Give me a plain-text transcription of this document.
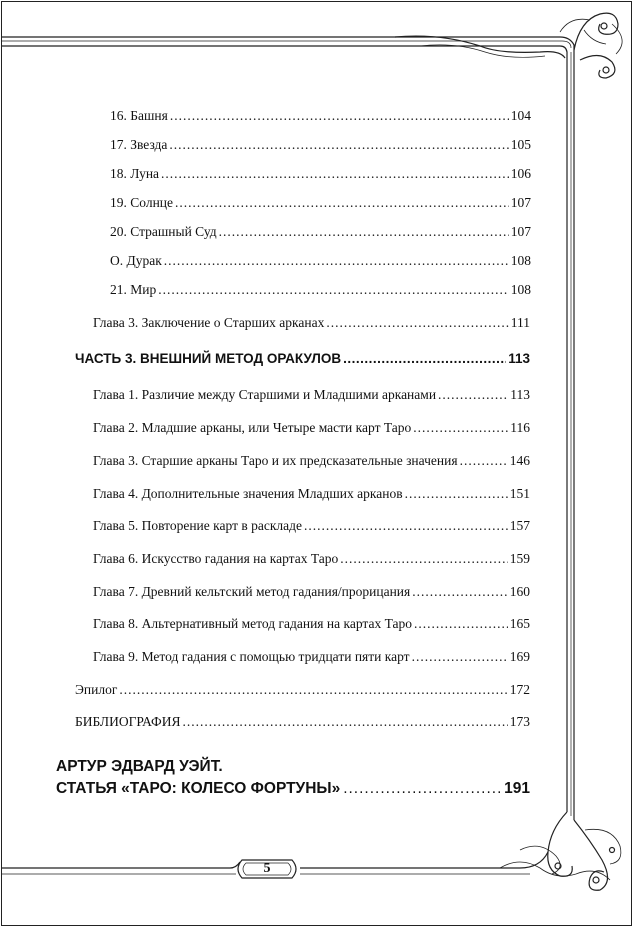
16. Башня .....	104
17. Звезда .....	105
18. Луна .....	106
19. Солнце .....	107
20. Страшный Суд .....	107
O. Дурак .....	108
21. Мир .....	108
Глава 3. Заключение о Старших арканах .....	111
ЧАСТЬ 3. ВНЕШНИЙ МЕТОД ОРАКУЛОВ .....	113
Глава 1. Различие между Старшими и Младшими арканами .....	113
Глава 2. Младшие арканы, или Четыре масти карт Таро .....	116
Глава 3. Старшие арканы Таро и их предсказательные значения .....	146
Глава 4. Дополнительные значения Младших арканов .....	151
Глава 5. Повторение карт в раскладе .....	157
Глава 6. Искусство гадания на картах Таро .....	159
Глава 7. Древний кельтский метод гадания/прорицания .....	160
Глава 8. Альтернативный метод гадания на картах Таро .....	165
Глава 9. Метод гадания с помощью тридцати пяти карт .....	169
Эпилог .....	172
БИБЛИОГРАФИЯ .....	173
АРТУР ЭДВАРД УЭЙТ.
СТАТЬЯ «ТАРО: КОЛЕСО ФОРТУНЫ» .....	191
5
